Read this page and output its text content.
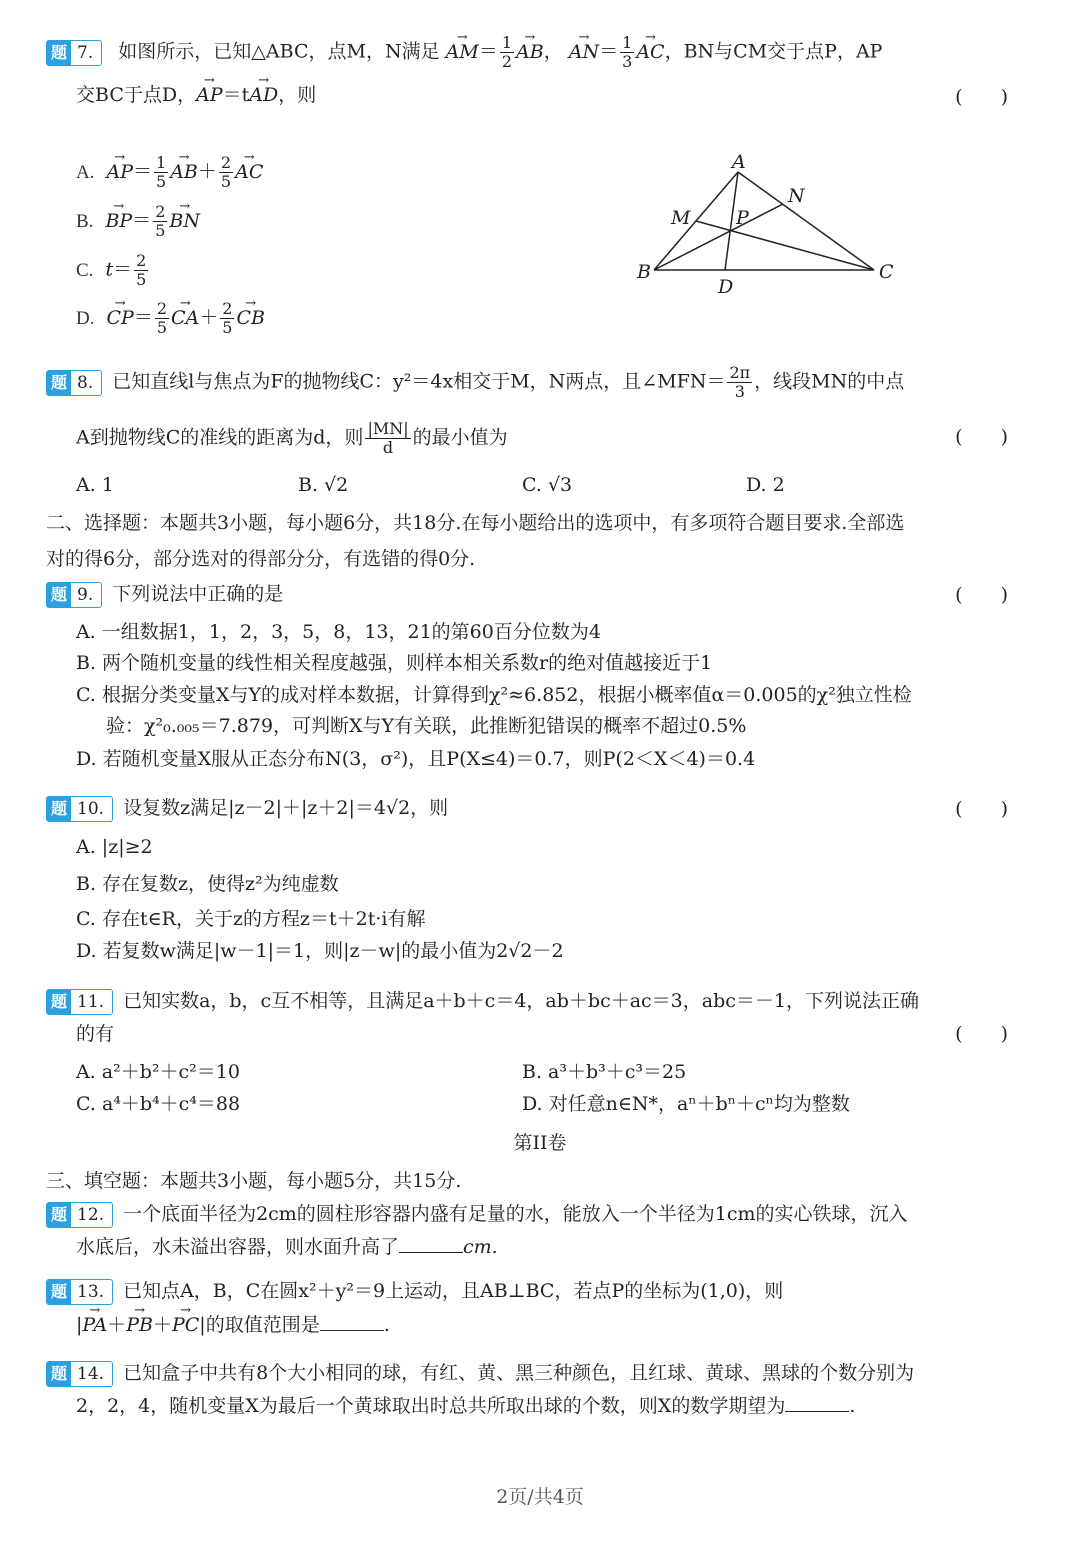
题 7.	如图所示，已知△ABC，点M，N满足 → $AM= \frac{1}{2}$
→ AB， → $AN= \frac{1}{3}$
→ AC，BN与CM交于点P，AP
交BC于点D，→ AP＝t→ AD，则	(　　)
$A.\to AP= \frac{1}{5}$
→ $AB+ \frac{2}{5}$
→ AC
$B.\to BP= \frac{2}{5}$
→ BN
C. $t= \frac{2}{5}$
$D.\to CP= \frac{2}{5}$
→ $CA+ \frac{2}{5}$
→ CB
A
N
M P
B
D
C
题 8.	已知直线l与焦点为F的抛物线C：y²＝4x相交于M，N两点，且∠MFN＝ $\frac{2\pi}{3}$ ，线段MN的中点
A到抛物线C的准线的距离为d，则 $\frac{|MN|}{d}$ 的最小值为	(　　)
A. 1	B. √2	C. √3	D. 2
二、选择题：本题共3小题，每小题6分，共18分.在每小题给出的选项中，有多项符合题目要求.全部选
对的得6分，部分选对的得部分分，有选错的得0分.
题 9.	下列说法中正确的是	(　　)
A. 一组数据1，1，2，3，5，8，13，21的第60百分位数为4
B. 两个随机变量的线性相关程度越强，则样本相关系数r的绝对值越接近于1
C. 根据分类变量X与Y的成对样本数据，计算得到χ²≈6.852，根据小概率值α＝0.005的χ²独立性检
验：χ²₀.₀₀₅＝7.879，可判断X与Y有关联，此推断犯错误的概率不超过0.5%
D. 若随机变量X服从正态分布N(3，σ²)，且P(X≤4)＝0.7，则P(2＜X＜4)＝0.4
题 10.	设复数z满足|z－2|＋|z＋2|＝4√2，则	(　　)
A. |z|≥2
B. 存在复数z，使得z²为纯虚数
C. 存在t∈R，关于z的方程z＝t＋2t·i有解
D. 若复数w满足|w－1|＝1，则|z－w|的最小值为2√2－2
题 11.	已知实数a，b，c互不相等，且满足a＋b＋c＝4，ab＋bc＋ac＝3，abc＝－1，下列说法正确
的有	(　　)
A. a²＋b²＋c²＝10	B. a³＋b³＋c³＝25
C. a⁴＋b⁴＋c⁴＝88	D. 对任意n∈N*，aⁿ＋bⁿ＋cⁿ均为整数
第II卷
三、填空题：本题共3小题，每小题5分，共15分.
题 12.	一个底面半径为2cm的圆柱形容器内盛有足量的水，能放入一个半径为1cm的实心铁球，沉入
水底后，水未溢出容器，则水面升高了	cm.
题 13.	已知点A，B，C在圆x²＋y²＝9上运动，且AB⊥BC，若点P的坐标为(1,0)，则
|→ PA＋→ PB＋→ PC|的取值范围是	.
题 14.	已知盒子中共有8个大小相同的球，有红、黄、黑三种颜色，且红球、黄球、黑球的个数分别为
2，2，4，随机变量X为最后一个黄球取出时总共所取出球的个数，则X的数学期望为	.
2页/共4页
